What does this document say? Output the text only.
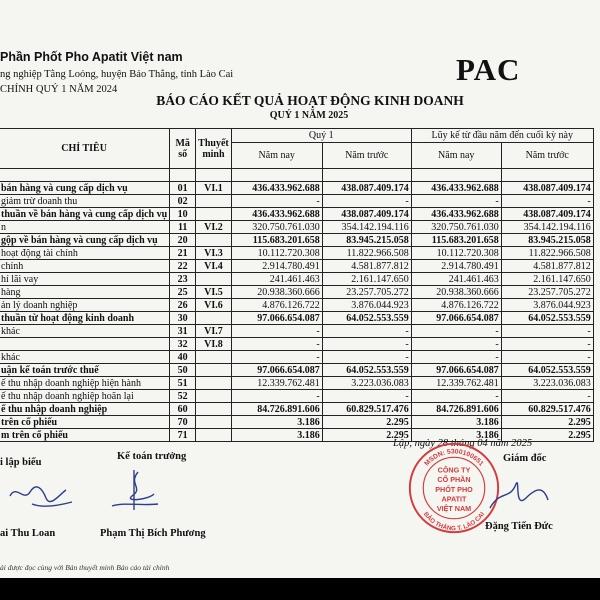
Phần Phốt Pho Apatit Việt nam
ng nghiệp Tằng Loỏng, huyện Bảo Thắng, tỉnh Lào Cai
CHÍNH QUÝ 1 NĂM 2024
PAC
BÁO CÁO KẾT QUẢ HOẠT ĐỘNG KINH DOANH
QUÝ 1 NĂM 2025
CHỈ TIÊU	Mã số	Thuyết minh	Quý 1		Lũy kế từ đầu năm đến cuối kỳ này	
			Năm nay	Năm trước	Năm nay	Năm trước

bán hàng và cung cấp dịch vụ	01	VI.1	436.433.962.688	438.087.409.174	436.433.962.688	438.087.409.174
giảm trừ doanh thu	02		-	-	-	-
thuần về bán hàng và cung cấp dịch vụ	10		436.433.962.688	438.087.409.174	436.433.962.688	438.087.409.174
n	11	VI.2	320.750.761.030	354.142.194.116	320.750.761.030	354.142.194.116
gộp về bán hàng và cung cấp dịch vụ	20		115.683.201.658	83.945.215.058	115.683.201.658	83.945.215.058
hoạt động tài chính	21	VI.3	10.112.720.308	11.822.966.508	10.112.720.308	11.822.966.508
chính	22	VI.4	2.914.780.491	4.581.877.812	2.914.780.491	4.581.877.812
hí lãi vay	23		241.461.463	2.161.147.650	241.461.463	2.161.147.650
hàng	25	VI.5	20.938.360.666	23.257.705.272	20.938.360.666	23.257.705.272
ản lý doanh nghiệp	26	VI.6	4.876.126.722	3.876.044.923	4.876.126.722	3.876.044.923
thuần từ hoạt động kinh doanh	30		97.066.654.087	64.052.553.559	97.066.654.087	64.052.553.559
khác	31	VI.7	-	-	-	-
	32	VI.8	-	-	-	-
khác	40		-	-	-	-
uận kế toán trước thuế	50		97.066.654.087	64.052.553.559	97.066.654.087	64.052.553.559
ế thu nhập doanh nghiệp hiện hành	51		12.339.762.481	3.223.036.083	12.339.762.481	3.223.036.083
ế thu nhập doanh nghiệp hoãn lại	52		-	-	-	-
ế thu nhập doanh nghiệp	60		84.726.891.606	60.829.517.476	84.726.891.606	60.829.517.476
trên cổ phiếu	70		3.186	2.295	3.186	2.295
m trên cổ phiếu	71		3.186	2.295	3.186	2.295
Lập, ngày 28 tháng 04 năm 2025
i lập biểu
Kế toán trưởng	Giám đốc
MSDN: 5300100651
BẢO THẮNG T. LÀO CAI
CÔNG TY
CỔ PHẦN
PHỐT PHO
APATIT
VIỆT NAM
ai Thu Loan	Phạm Thị Bích Phương
Đặng Tiến Đức
ải được đọc cùng với Bản thuyết minh Báo cáo tài chính
